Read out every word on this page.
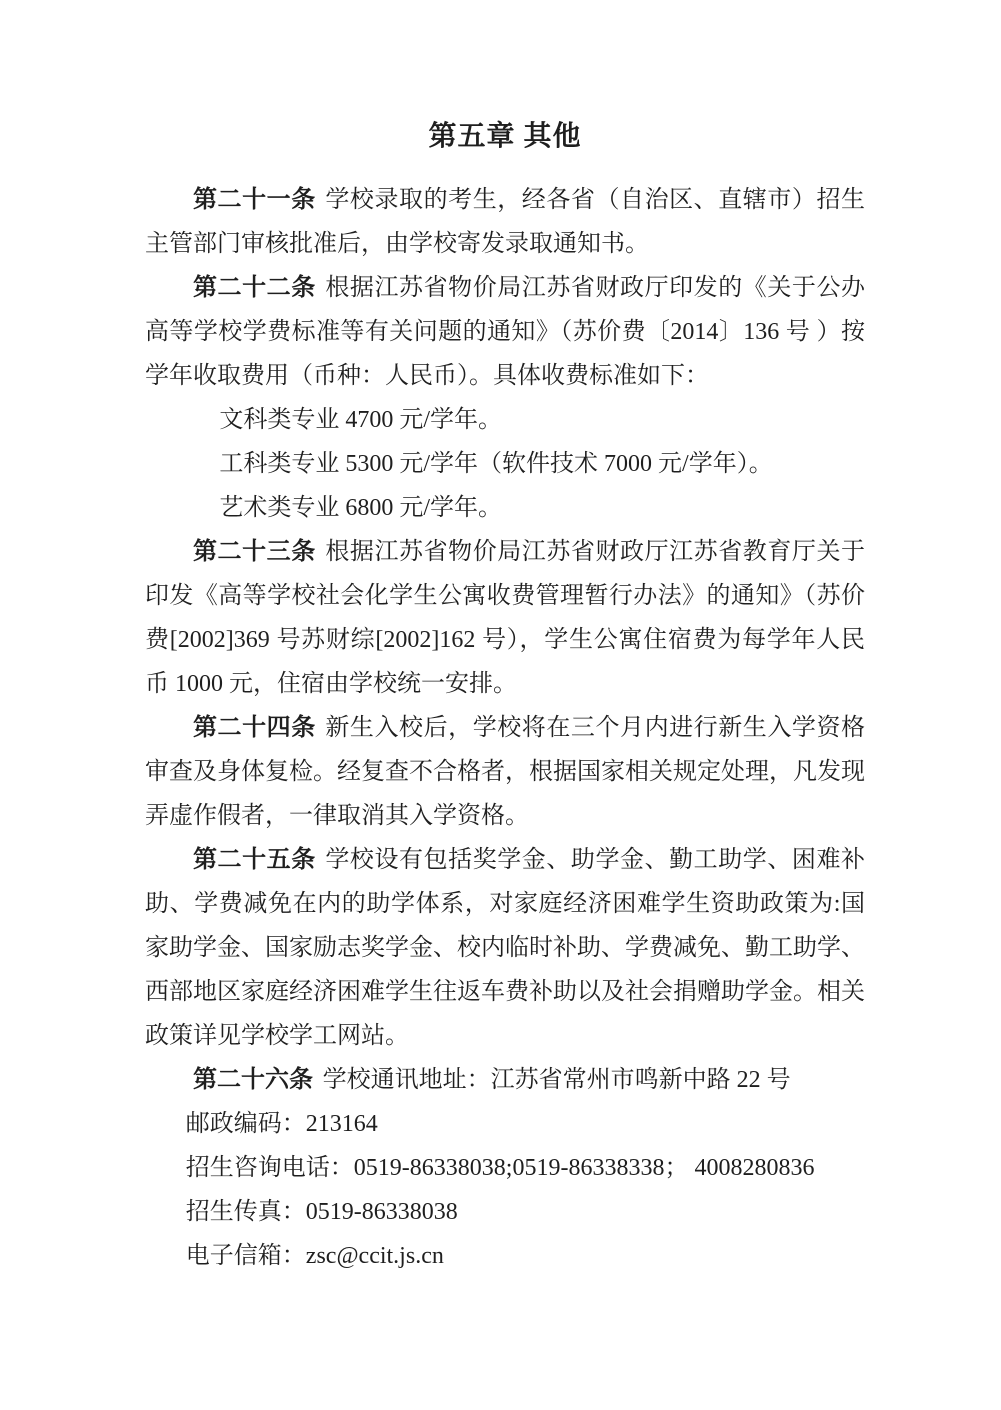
第五章 其他

第二十一条 学校录取的考生，经各省（自治区、直辖市）招生主管部门审核批准后，由学校寄发录取通知书。

第二十二条 根据江苏省物价局江苏省财政厅印发的《关于公办高等学校学费标准等有关问题的通知》（苏价费〔2014〕136 号 ）按学年收取费用（币种：人民币）。具体收费标准如下：

文科类专业 4700 元/学年。

工科类专业 5300 元/学年（软件技术 7000 元/学年）。

艺术类专业 6800 元/学年。

第二十三条 根据江苏省物价局江苏省财政厅江苏省教育厅关于印发《高等学校社会化学生公寓收费管理暂行办法》的通知》（苏价费[2002]369 号苏财综[2002]162 号），学生公寓住宿费为每学年人民币 1000 元，住宿由学校统一安排。

第二十四条 新生入校后，学校将在三个月内进行新生入学资格审查及身体复检。经复查不合格者，根据国家相关规定处理，凡发现弄虚作假者，一律取消其入学资格。

第二十五条 学校设有包括奖学金、助学金、勤工助学、困难补助、学费减免在内的助学体系，对家庭经济困难学生资助政策为:国家助学金、国家励志奖学金、校内临时补助、学费减免、勤工助学、西部地区家庭经济困难学生往返车费补助以及社会捐赠助学金。相关政策详见学校学工网站。

第二十六条 学校通讯地址：江苏省常州市鸣新中路 22 号

邮政编码：213164

招生咨询电话：0519-86338038;0519-86338338； 4008280836

招生传真：0519-86338038

电子信箱：zsc@ccit.js.cn
